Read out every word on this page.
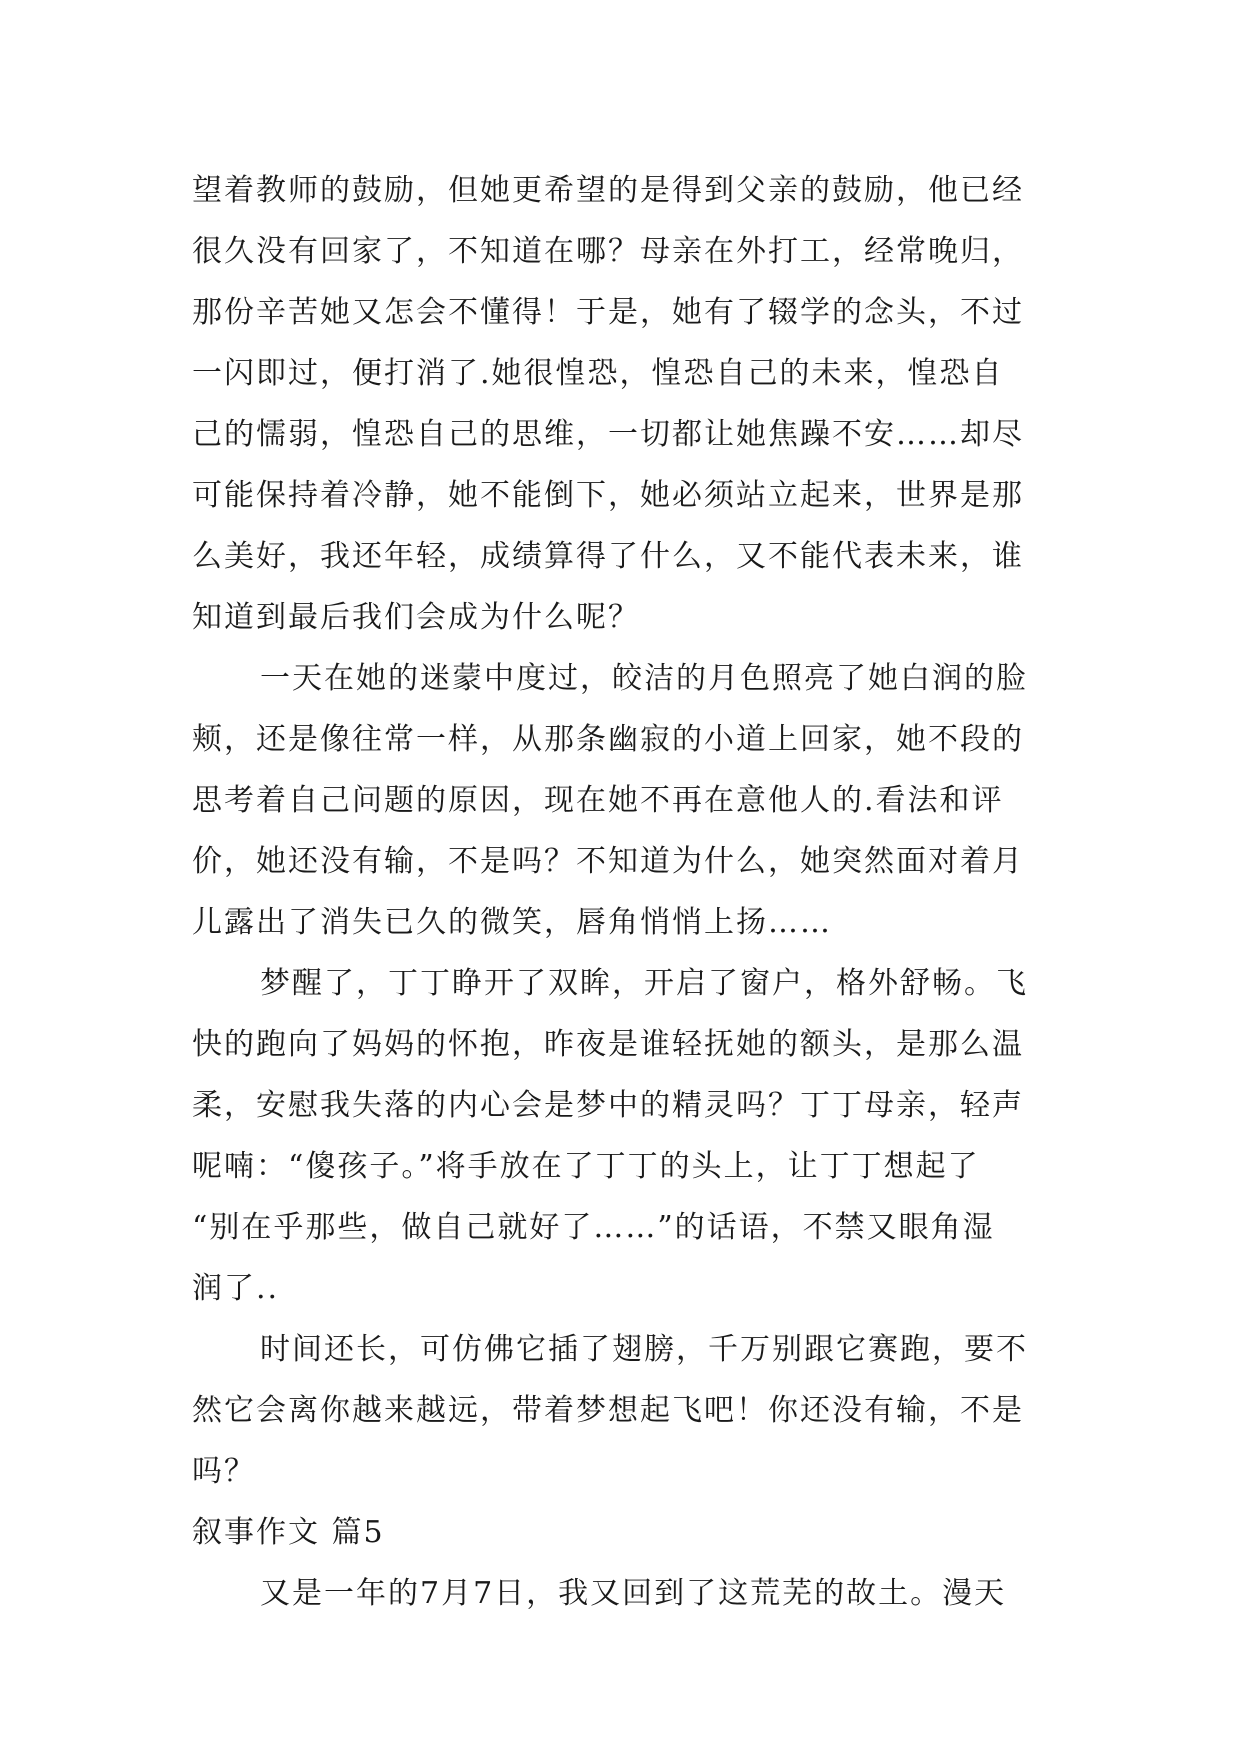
望着教师的鼓励，但她更希望的是得到父亲的鼓励，他已经
很久没有回家了，不知道在哪？母亲在外打工，经常晚归，
那份辛苦她又怎会不懂得！于是，她有了辍学的念头，不过
一闪即过，便打消了.她很惶恐，惶恐自己的未来，惶恐自
己的懦弱，惶恐自己的思维，一切都让她焦躁不安……却尽
可能保持着冷静，她不能倒下，她必须站立起来，世界是那
么美好，我还年轻，成绩算得了什么，又不能代表未来，谁
知道到最后我们会成为什么呢？
一天在她的迷蒙中度过，皎洁的月色照亮了她白润的脸
颊，还是像往常一样，从那条幽寂的小道上回家，她不段的
思考着自己问题的原因，现在她不再在意他人的.看法和评
价，她还没有输，不是吗？不知道为什么，她突然面对着月
儿露出了消失已久的微笑，唇角悄悄上扬……
梦醒了，丁丁睁开了双眸，开启了窗户，格外舒畅。飞
快的跑向了妈妈的怀抱，昨夜是谁轻抚她的额头，是那么温
柔，安慰我失落的内心会是梦中的精灵吗？丁丁母亲，轻声
呢喃：“傻孩子。”将手放在了丁丁的头上，让丁丁想起了
“别在乎那些，做自己就好了……”的话语，不禁又眼角湿
润了..
时间还长，可仿佛它插了翅膀，千万别跟它赛跑，要不
然它会离你越来越远，带着梦想起飞吧！你还没有输，不是
吗？
叙事作文 篇5
又是一年的7月7日，我又回到了这荒芜的故土。漫天
